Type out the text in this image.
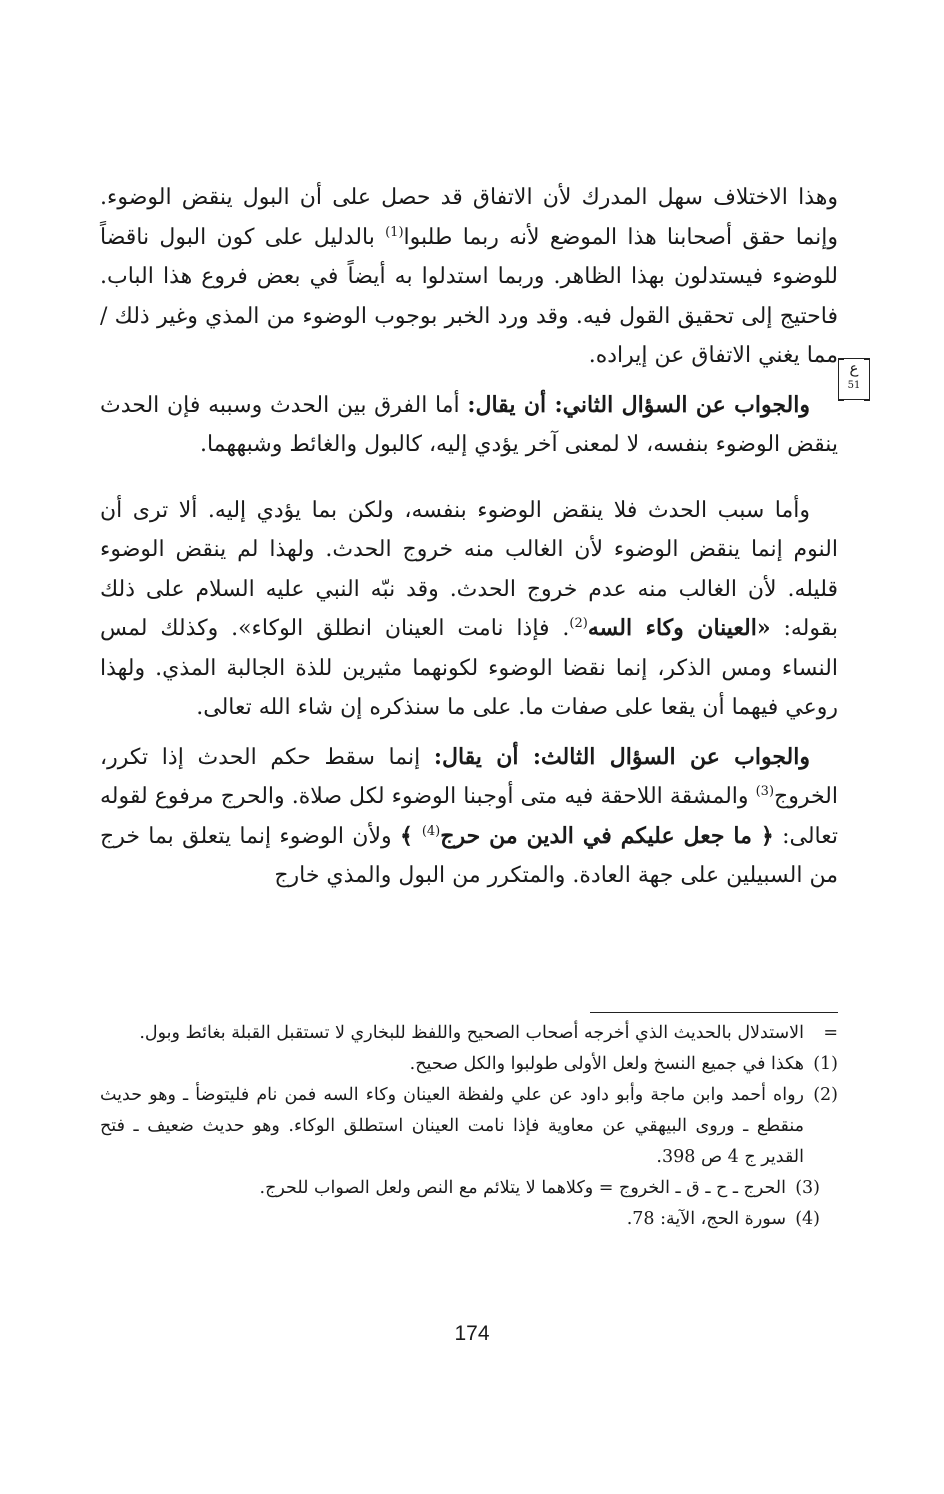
وهذا الاختلاف سهل المدرك لأن الاتفاق قد حصل على أن البول ينقض الوضوء. وإنما حقق أصحابنا هذا الموضع لأنه ربما طلبوا$^{(1)}$ بالدليل على كون البول ناقضاً للوضوء فيستدلون بهذا الظاهر. وربما استدلوا به أيضاً في بعض فروع هذا الباب. فاحتيج إلى تحقيق القول فيه. وقد ورد الخبر بوجوب الوضوء من المذي وغير ذلك / مما يغني الاتفاق عن إيراده.

والجواب عن السؤال الثاني: أن يقال: أما الفرق بين الحدث وسببه فإن الحدث ينقض الوضوء بنفسه، لا لمعنى آخر يؤدي إليه، كالبول والغائط وشبههما.

وأما سبب الحدث فلا ينقض الوضوء بنفسه، ولكن بما يؤدي إليه. ألا ترى أن النوم إنما ينقض الوضوء لأن الغالب منه خروج الحدث. ولهذا لم ينقض الوضوء قليله. لأن الغالب منه عدم خروج الحدث. وقد نبّه النبي عليه السلام على ذلك بقوله: «العينان وكاء السه$^{(2)}$. فإذا نامت العينان انطلق الوكاء». وكذلك لمس النساء ومس الذكر، إنما نقضا الوضوء لكونهما مثيرين للذة الجالبة المذي. ولهذا روعي فيهما أن يقعا على صفات ما. على ما سنذكره إن شاء الله تعالى.

والجواب عن السؤال الثالث: أن يقال: إنما سقط حكم الحدث إذا تكرر، الخروج$^{(3)}$ والمشقة اللاحقة فيه متى أوجبنا الوضوء لكل صلاة. والحرج مرفوع لقوله تعالى: ﴿ ما جعل عليكم في الدين من حرج$^{(4)}$ ﴾ ولأن الوضوء إنما يتعلق بما خرج من السبيلين على جهة العادة. والمتكرر من البول والمذي خارج

ع
51

=
الاستدلال بالحديث الذي أخرجه أصحاب الصحيح واللفظ للبخاري لا تستقبل القبلة بغائط وبول.

(1)
هكذا في جميع النسخ ولعل الأولى طولبوا والكل صحيح.

(2)
رواه أحمد وابن ماجة وأبو داود عن علي ولفظة العينان وكاء السه فمن نام فليتوضأ ـ وهو حديث منقطع ـ وروى البيهقي عن معاوية فإذا نامت العينان استطلق الوكاء. وهو حديث ضعيف ـ فتح القدير ج 4 ص 398.

(3)
الحرج ـ ح ـ ق ـ الخروج = وكلاهما لا يتلائم مع النص ولعل الصواب للحرج.

(4)
سورة الحج، الآية: 78.

174
